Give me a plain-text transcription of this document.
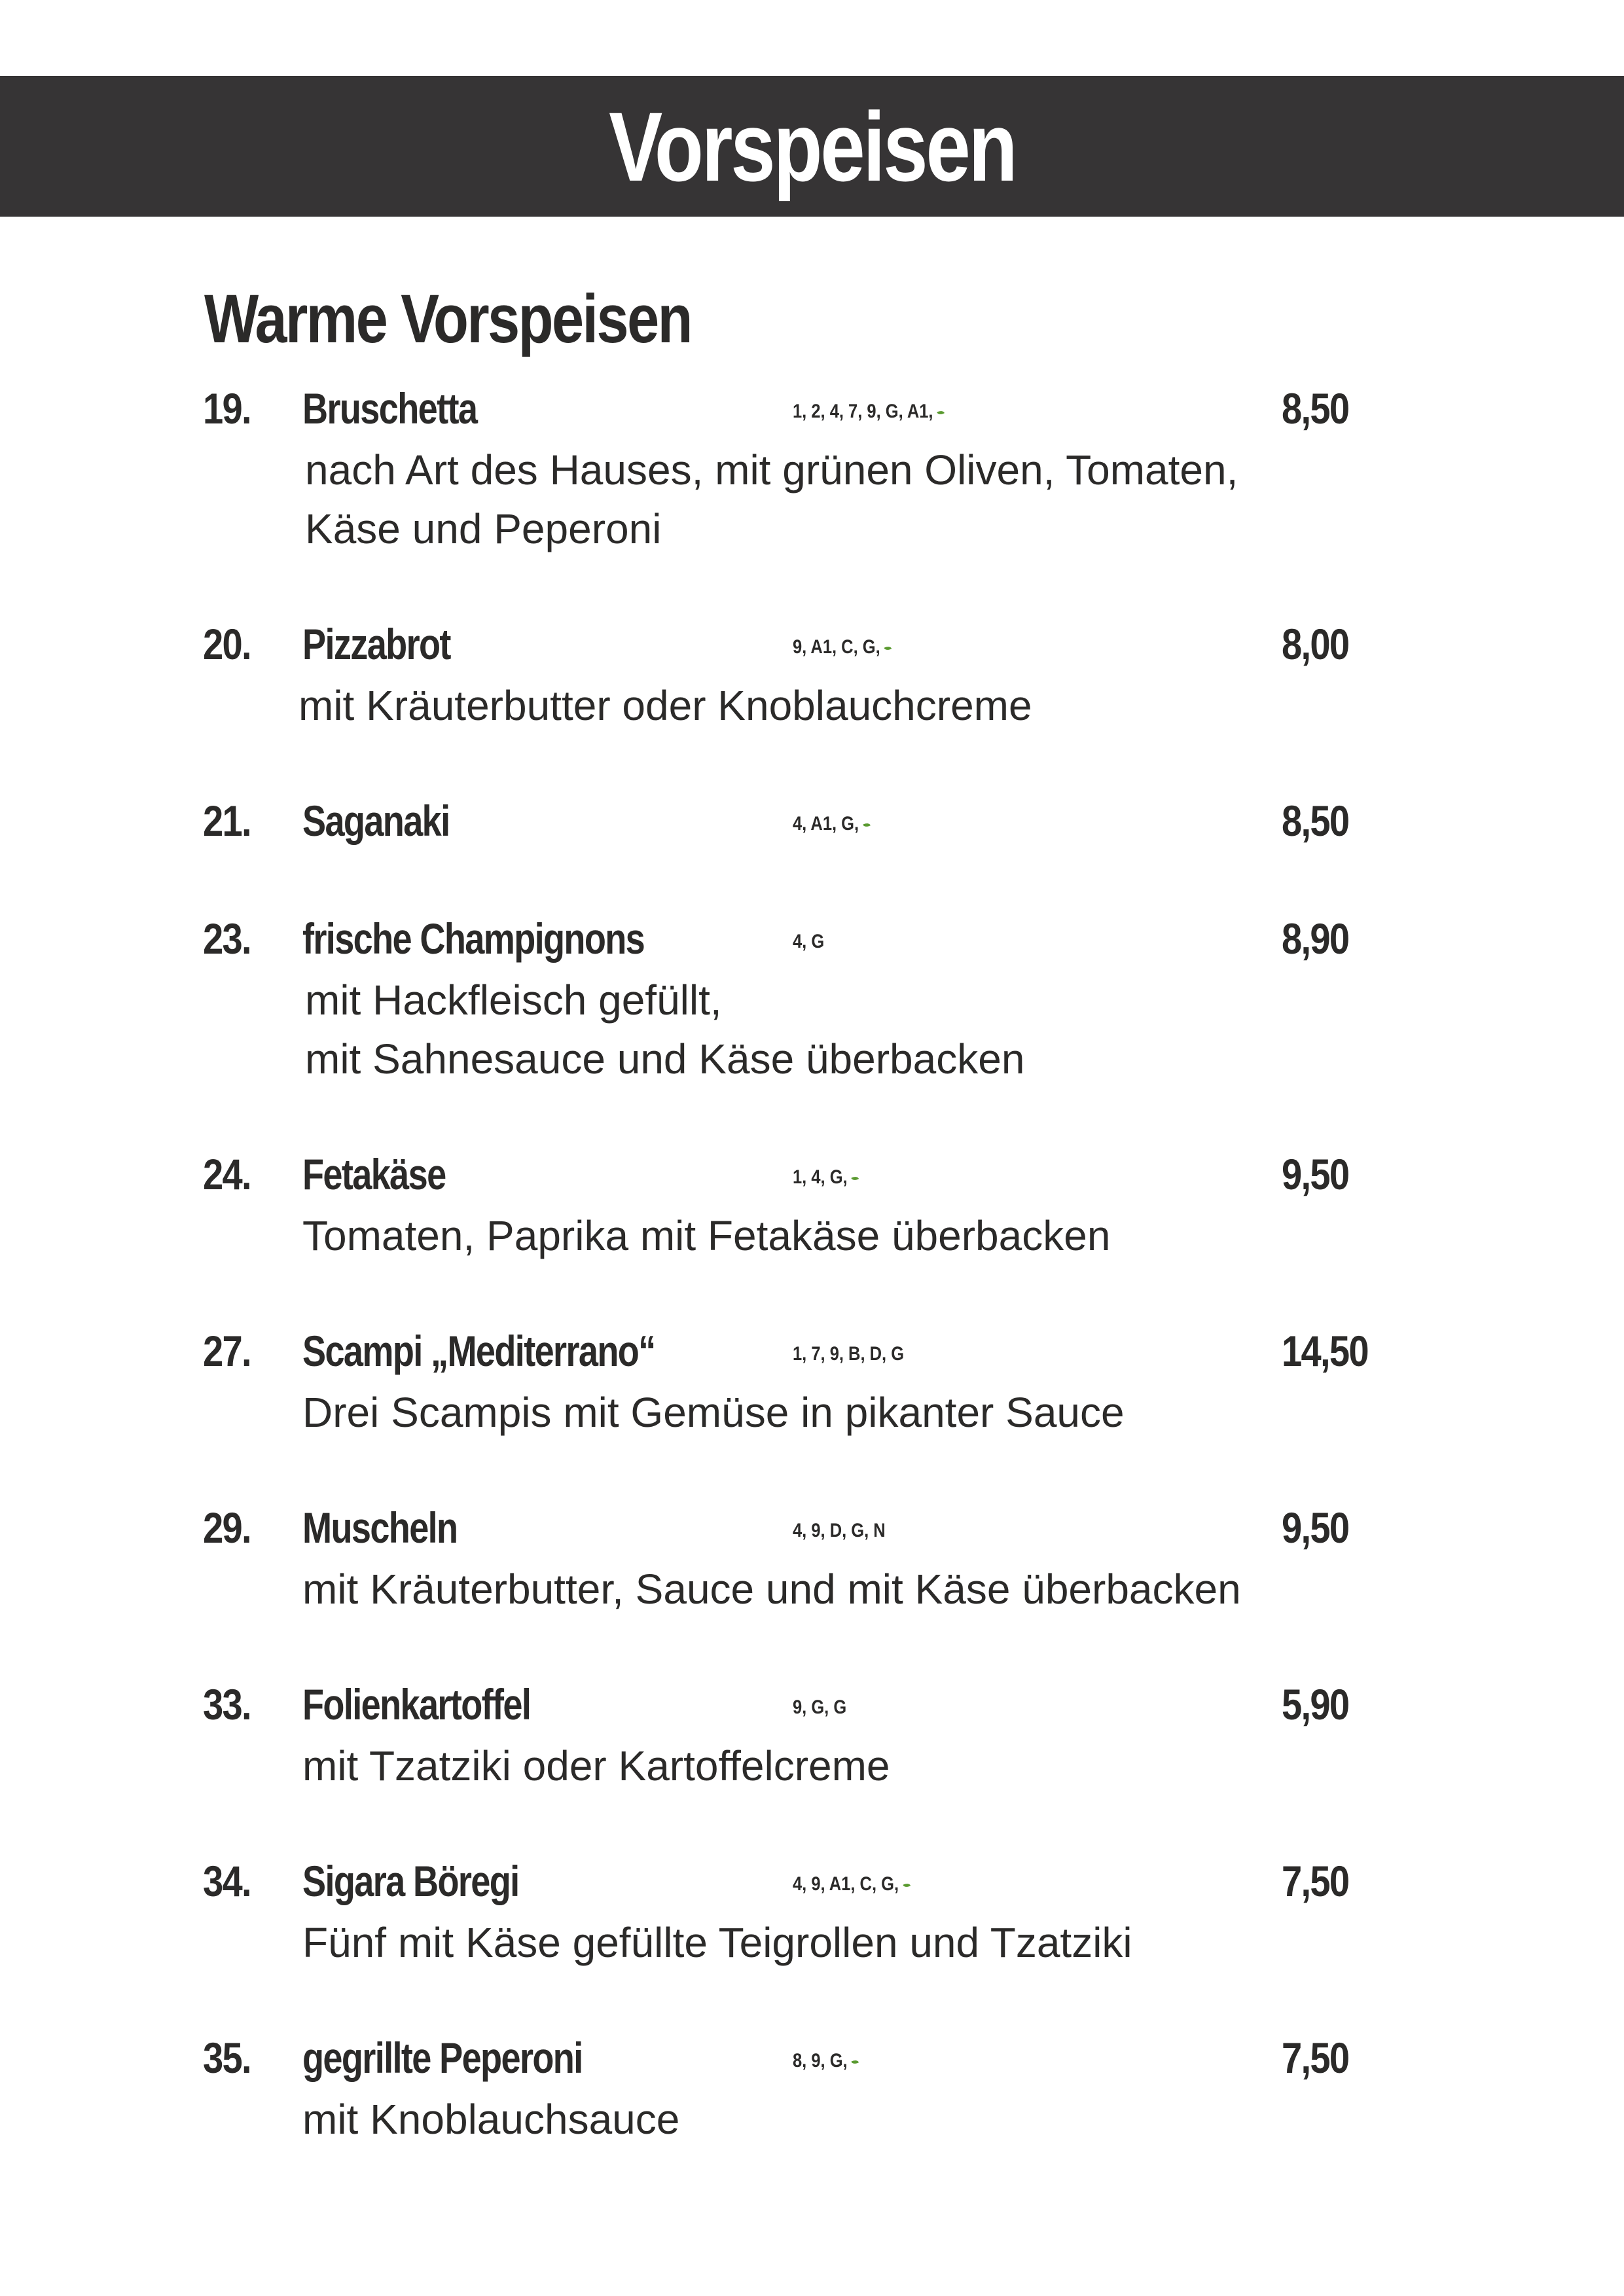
Vorspeisen
Warme Vorspeisen
19. Bruschetta	1, 2, 4, 7, 9, G, A1,	8,50
nach Art des Hauses, mit grünen Oliven, Tomaten,
Käse und Peperoni
20. Pizzabrot	9, A1, C, G,	8,00
mit Kräuterbutter oder Knoblauchcreme
21. Saganaki	4, A1, G,	8,50
23. frische Champignons	4, G	8,90
mit Hackfleisch gefüllt,
mit Sahnesauce und Käse überbacken
24. Fetakäse	1, 4, G,	9,50
Tomaten, Paprika mit Fetakäse überbacken
27. Scampi „Mediterrano“	1, 7, 9, B, D, G	14,50
Drei Scampis mit Gemüse in pikanter Sauce
29. Muscheln	4, 9, D, G, N	9,50
mit Kräuterbutter, Sauce und mit Käse überbacken
33. Folienkartoffel	9, G, G	5,90
mit Tzatziki oder Kartoffelcreme
34. Sigara Böregi	4, 9, A1, C, G,	7,50
Fünf mit Käse gefüllte Teigrollen und Tzatziki
35. gegrillte Peperoni	8, 9, G,	7,50
mit Knoblauchsauce
